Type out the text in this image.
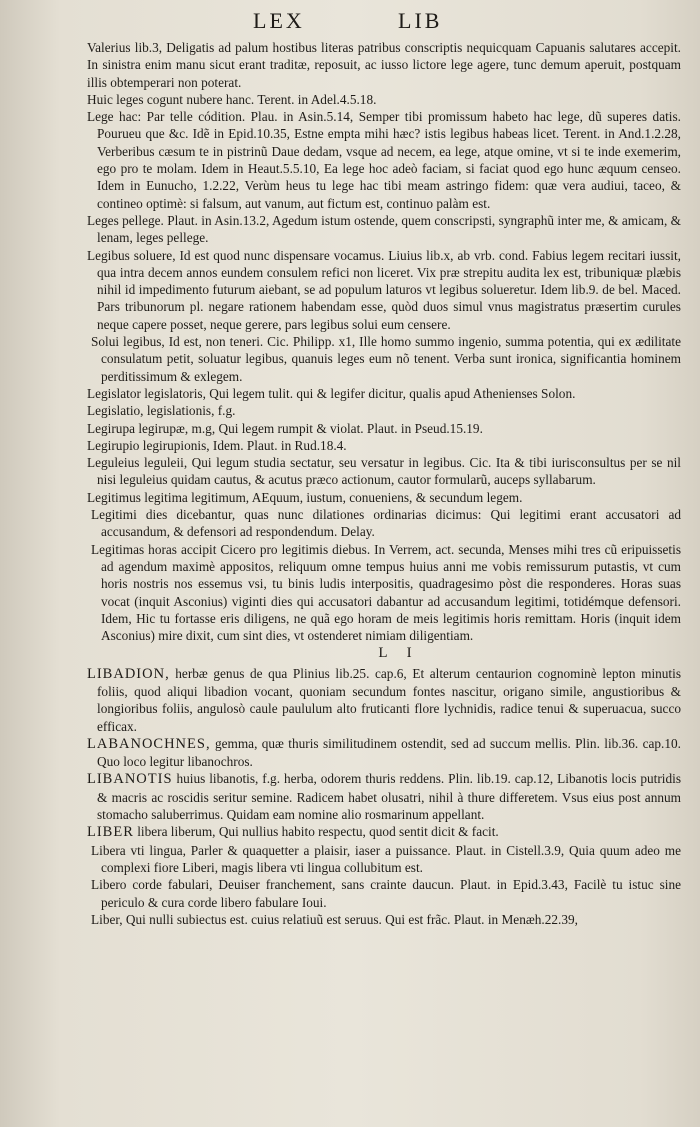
LEX	LIB

Valerius lib.3, Deligatis ad palum hostibus literas patribus conscriptis nequicquam Capuanis salutares accepit. In sinistra enim manu sicut erant traditæ, reposuit, ac iusso lictore lege agere, tunc demum aperuit, postquam illis obtemperari non poterat.

Huic leges cogunt nubere hanc. Terent. in Adel.4.5.18.

Lege hac: Par telle códition. Plau. in Asin.5.14, Semper tibi promissum habeto hac lege, dũ superes datis. Pourueu que &c. Idẽ in Epid.10.35, Estne empta mihi hæc? istis legibus habeas licet. Terent. in And.1.2.28, Verberibus cæsum te in pistrinũ Daue dedam, vsque ad necem, ea lege, atque omine, vt si te inde exemerim, ego pro te molam. Idem in Heaut.5.5.10, Ea lege hoc adeò faciam, si faciat quod ego hunc æquum censeo. Idem in Eunucho, 1.2.22, Verùm heus tu lege hac tibi meam astringo fidem: quæ vera audiui, taceo, & contineo optimè: si falsum, aut vanum, aut fictum est, continuo palàm est.

Leges pellege. Plaut. in Asin.13.2, Agedum istum ostende, quem conscripsti, syngraphũ inter me, & amicam, & lenam, leges pellege.

Legibus soluere, Id est quod nunc dispensare vocamus. Liuius lib.x, ab vrb. cond. Fabius legem recitari iussit, qua intra decem annos eundem consulem refici non liceret. Vix præ strepitu audita lex est, tribuniquæ plæbis nihil id impedimento futurum aiebant, se ad populum laturos vt legibus solueretur. Idem lib.9. de bel. Maced. Pars tribunorum pl. negare rationem habendam esse, quòd duos simul vnus magistratus præsertim curules neque capere posset, neque gerere, pars legibus solui eum censere.

Solui legibus, Id est, non teneri. Cic. Philipp. x1, Ille homo summo ingenio, summa potentia, qui ex ædilitate consulatum petit, soluatur legibus, quanuis leges eum nõ tenent. Verba sunt ironica, significantia hominem perditissimum & exlegem.

Legislator legislatoris, Qui legem tulit. qui & legifer dicitur, qualis apud Athenienses Solon.

Legislatio, legislationis, f.g.

Legirupa legirupæ, m.g, Qui legem rumpit & violat. Plaut. in Pseud.15.19.

Legirupio legirupionis, Idem. Plaut. in Rud.18.4.

Leguleius leguleii, Qui legum studia sectatur, seu versatur in legibus. Cic. Ita & tibi iurisconsultus per se nil nisi leguleius quidam cautus, & acutus præco actionum, cautor formularũ, auceps syllabarum.

Legitimus legitima legitimum, AEquum, iustum, conueniens, & secundum legem.

Legitimi dies dicebantur, quas nunc dilationes ordinarias dicimus: Qui legitimi erant accusatori ad accusandum, & defensori ad respondendum. Delay.

Legitimas horas accipit Cicero pro legitimis diebus. In Verrem, act. secunda, Menses mihi tres cũ eripuissetis ad agendum maximè appositos, reliquum omne tempus huius anni me vobis remissurum putastis, vt cum horis nostris nos essemus vsi, tu binis ludis interpositis, quadragesimo pòst die responderes. Horas suas vocat (inquit Asconius) viginti dies qui accusatori dabantur ad accusandum legitimi, totidémque defensori. Idem, Hic tu fortasse eris diligens, ne quã ego horam de meis legitimis horis remittam. Horis (inquit idem Asconius) mire dixit, cum sint dies, vt ostenderet nimiam diligentiam.

L I

LIBADION, herbæ genus de qua Plinius lib.25. cap.6, Et alterum centaurion cognominè lepton minutis foliis, quod aliqui libadion vocant, quoniam secundum fontes nascitur, origano simile, angustioribus & longioribus foliis, angulosò caule paululum alto fruticanti flore lychnidis, radice tenui & superuacua, succo efficax.

LABANOCHNES, gemma, quæ thuris similitudinem ostendit, sed ad succum mellis. Plin. lib.36. cap.10. Quo loco legitur libanochros.

LIBANOTIS huius libanotis, f.g. herba, odorem thuris reddens. Plin. lib.19. cap.12, Libanotis locis putridis & macris ac roscidis seritur semine. Radicem habet olusatri, nihil à thure differetem. Vsus eius post annum stomacho saluberrimus. Quidam eam nomine alio rosmarinum appellant.

LIBER libera liberum, Qui nullius habito respectu, quod sentit dicit & facit.

Libera vti lingua, Parler & quaquetter a plaisir, iaser a puissance. Plaut. in Cistell.3.9, Quia quum adeo me complexi fiore Liberi, magis libera vti lingua collubitum est.

Libero corde fabulari, Deuiser franchement, sans crainte daucun. Plaut. in Epid.3.43, Facilè tu istuc sine periculo & cura corde libero fabulare Ioui.

Liber, Qui nulli subiectus est. cuius relatiuũ est seruus. Qui est frãc. Plaut. in Menæh.22.39,
